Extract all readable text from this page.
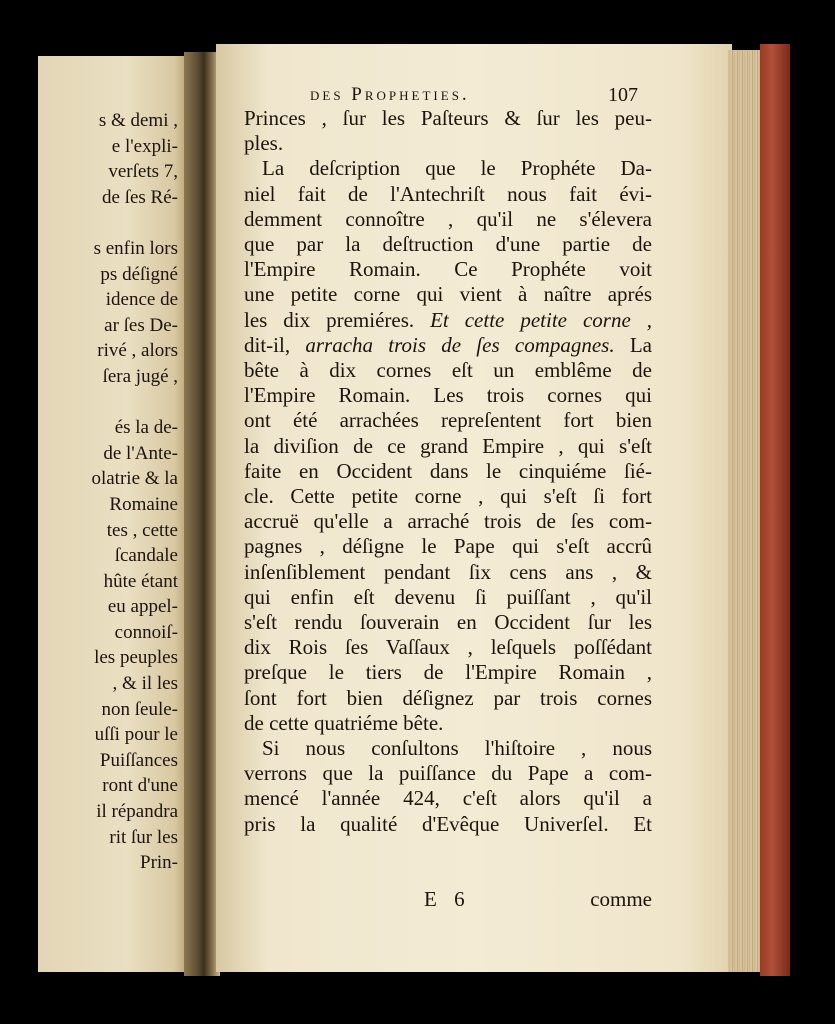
s & demi ,
e l'expli-
verſets 7,
de ſes Ré-

s enfin lors
ps déſigné
idence de
ar ſes De-
rivé , alors
ſera jugé ,

és la de-
de l'Ante-
olatrie & la
Romaine
tes , cette
ſcandale
hûte étant
eu appel-
connoiſ-
les peuples
, & il les
non ſeule-
uſſi pour le
Puiſſances
ront d'une
il répandra
rit ſur les
Prin-
des Propheties.	107
Princes , ſur les Paſteurs & ſur les peu-
ples.
La deſcription que le Prophéte Da-
niel fait de l'Antechriſt nous fait évi-
demment connoître , qu'il ne s'élevera
que par la deſtruction d'une partie de
l'Empire Romain. Ce Prophéte voit
une petite corne qui vient à naître aprés
les dix premiéres. Et cette petite corne ,
dit-il, arracha trois de ſes compagnes. La
bête à dix cornes eſt un emblême de
l'Empire Romain. Les trois cornes qui
ont été arrachées repreſentent fort bien
la diviſion de ce grand Empire , qui s'eſt
faite en Occident dans le cinquiéme ſié-
cle. Cette petite corne , qui s'eſt ſi fort
accruë qu'elle a arraché trois de ſes com-
pagnes , déſigne le Pape qui s'eſt accrû
inſenſiblement pendant ſix cens ans , &
qui enfin eſt devenu ſi puiſſant , qu'il
s'eſt rendu ſouverain en Occident ſur les
dix Rois ſes Vaſſaux , leſquels poſſédant
preſque le tiers de l'Empire Romain ,
ſont fort bien déſignez par trois cornes
de cette quatriéme bête.
Si nous conſultons l'hiſtoire , nous
verrons que la puiſſance du Pape a com-
mencé l'année 424, c'eſt alors qu'il a
pris la qualité d'Evêque Univerſel. Et
E 6	comme
